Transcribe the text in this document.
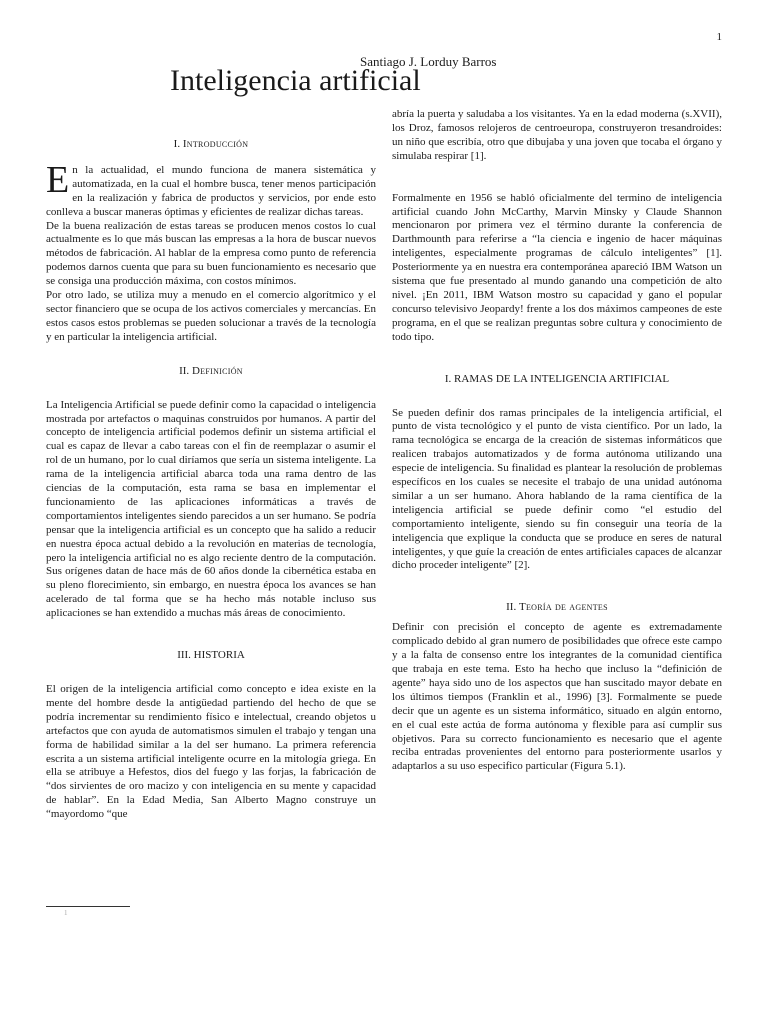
1
Santiago J. Lorduy Barros
Inteligencia artificial
I. Introducción

En la actualidad, el mundo funciona de manera sistemática y automatizada, en la cual el hombre busca, tener menos participación en la realización y fabrica de productos y servicios, por ende esto conlleva a buscar maneras óptimas y eficientes de realizar dichas tareas.

De la buena realización de estas tareas se producen menos costos lo cual actualmente es lo que más buscan las empresas a la hora de buscar nuevos métodos de fabricación. Al hablar de la empresa como punto de referencia podemos darnos cuenta que para su buen funcionamiento es necesario que se consiga una producción máxima, con costos mínimos.

Por otro lado, se utiliza muy a menudo en el comercio algorítmico y el sector financiero que se ocupa de los activos comerciales y mercancías. En estos casos estos problemas se pueden solucionar a través de la tecnología y en particular la inteligencia artificial.

II. Definición

La Inteligencia Artificial se puede definir como la capacidad o inteligencia mostrada por artefactos o maquinas construidos por humanos. A partir del concepto de inteligencia artificial podemos definir un sistema artificial el cual es capaz de llevar a cabo tareas con el fin de reemplazar o asumir el rol de un humano, por lo cual diríamos que sería un sistema inteligente. La rama de la inteligencia artificial abarca toda una rama dentro de las ciencias de la computación, esta rama se basa en implementar el funcionamiento de las aplicaciones informáticas a través de comportamientos inteligentes siendo parecidos a un ser humano. Se podría pensar que la inteligencia artificial es un concepto que ha salido a reducir en nuestra época actual debido a la revolución en materias de tecnología, pero la inteligencia artificial no es algo reciente dentro de la computación. Sus orígenes datan de hace más de 60 años donde la cibernética estaba en su pleno florecimiento, sin embargo, en nuestra época los avances se han acelerado de tal forma que se ha hecho más notable incluso sus aplicaciones se han extendido a muchas más áreas de conocimiento.

III. HISTORIA

El origen de la inteligencia artificial como concepto e idea existe en la mente del hombre desde la antigüedad partiendo del hecho de que se podría incrementar su rendimiento físico e intelectual, creando objetos u artefactos que con ayuda de automatismos simulen el trabajo y tengan una forma de habilidad similar a la del ser humano. La primera referencia escrita a un sistema artificial inteligente ocurre en la mitología griega. En ella se atribuye a Hefestos, dios del fuego y las forjas, la fabricación de “dos sirvientes de oro macizo y con inteligencia en su mente y capacidad de hablar”. En la Edad Media, San Alberto Magno construye un “mayordomo “que

abría la puerta y saludaba a los visitantes. Ya en la edad moderna (s.XVII), los Droz, famosos relojeros de centroeuropa, construyeron tresandroides: un niño que escribía, otro que dibujaba y una joven que tocaba el órgano y simulaba respirar [1].

Formalmente en 1956 se habló oficialmente del termino de inteligencia artificial cuando John McCarthy, Marvin Minsky y Claude Shannon mencionaron por primera vez el término durante la conferencia de Darthmounth para referirse a “la ciencia e ingenio de hacer máquinas inteligentes, especialmente programas de cálculo inteligentes” [1]. Posteriormente ya en nuestra era contemporánea apareció IBM Watson un sistema que fue presentado al mundo ganando una competición de alto nivel. ¡En 2011, IBM Watson mostro su capacidad y gano el popular concurso televisivo Jeopardy! frente a los dos máximos campeones de este programa, en el que se realizan preguntas sobre cultura y conocimiento de todo tipo.

I. RAMAS DE LA INTELIGENCIA ARTIFICIAL

Se pueden definir dos ramas principales de la inteligencia artificial, el punto de vista tecnológico y el punto de vista científico. Por un lado, la rama tecnológica se encarga de la creación de sistemas informáticos que realicen trabajos automatizados y de forma autónoma utilizando una especie de inteligencia. Su finalidad es plantear la resolución de problemas específicos en los cuales se necesite el trabajo de una unidad autónoma similar a un ser humano. Ahora hablando de la rama científica de la inteligencia artificial se puede definir como “el estudio del comportamiento inteligente, siendo su fin conseguir una teoría de la inteligencia que explique la conducta que se produce en seres de natural inteligentes, y que guíe la creación de entes artificiales capaces de alcanzar dicho proceder inteligente” [2].

II. Teoría de agentes

Definir con precisión el concepto de agente es extremadamente complicado debido al gran numero de posibilidades que ofrece este campo y a la falta de consenso entre los integrantes de la comunidad científica que trabaja en este tema. Esto ha hecho que incluso la “definición de agente” haya sido uno de los aspectos que han suscitado mayor debate en los últimos tiempos (Franklin et al., 1996) [3]. Formalmente se puede decir que un agente es un sistema informático, situado en algún entorno, en el cual este actúa de forma autónoma y flexible para así cumplir sus objetivos. Para su correcto funcionamiento es necesario que el agente reciba entradas provenientes del entorno para posteriormente usarlos y adaptarlos a su uso especifico particular (Figura 5.1).

1
